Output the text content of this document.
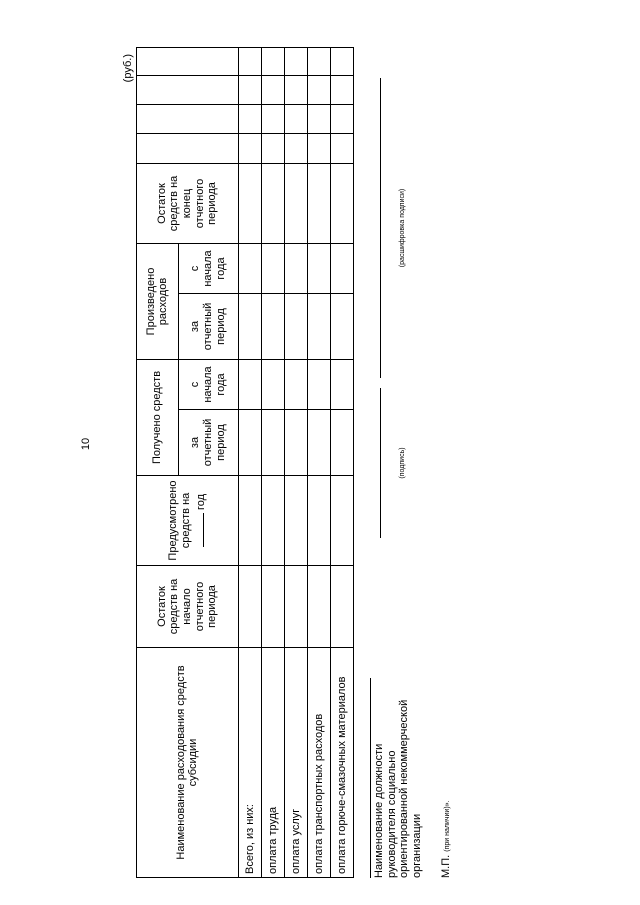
10
(руб.)
Наименование расходования средств субсидии	Остаток средств на начало отчетного периода	Предусмотрено средств на год	Получено средств		Произведено расходов		Остаток средств на конец отчетного периода				
			за отчетный период	с начала года	за отчетный период	с начала года					
Всего, из них:											
оплата труда											
оплата услуг											
оплата транспортных расходов											
оплата горюче-смазочных материалов											Наименование должности руководителя социально ориентированной некоммерческой организации
(подпись)
(расшифровка подписи)
М.П. (при наличии)».
